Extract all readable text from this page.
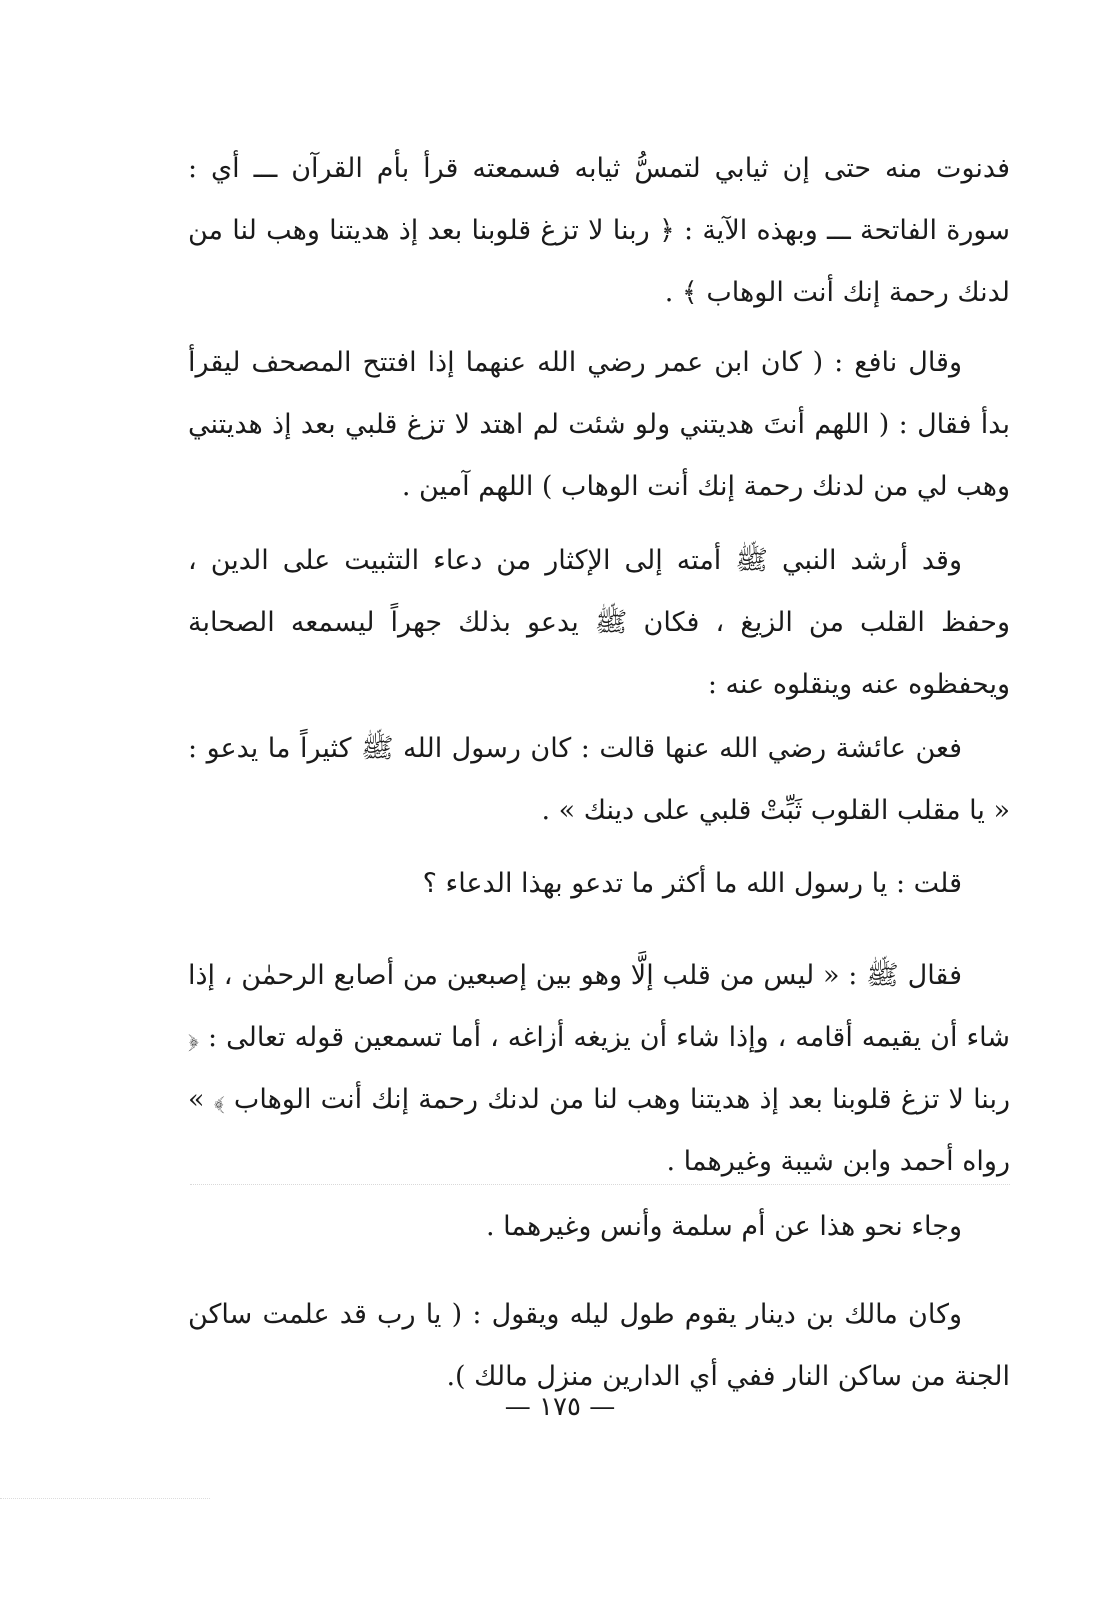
فدنوت منه حتى إن ثيابي لتمسُّ ثيابه فسمعته قرأ بأم القرآن ـــ أي : سورة الفاتحة ـــ وبهذه الآية : ﴿ ربنا لا تزغ قلوبنا بعد إذ هديتنا وهب لنا من لدنك رحمة إنك أنت الوهاب ﴾ .

وقال نافع : ( كان ابن عمر رضي الله عنهما إذا افتتح المصحف ليقرأ بدأ فقال : ( اللهم أنتَ هديتني ولو شئت لم اهتد لا تزغ قلبي بعد إذ هديتني وهب لي من لدنك رحمة إنك أنت الوهاب ) اللهم آمين .

وقد أرشد النبي ﷺ أمته إلى الإكثار من دعاء التثبيت على الدين ، وحفظ القلب من الزيغ ، فكان ﷺ يدعو بذلك جهراً ليسمعه الصحابة ويحفظوه عنه وينقلوه عنه :

فعن عائشة رضي الله عنها قالت : كان رسول الله ﷺ كثيراً ما يدعو : « يا مقلب القلوب ثَبِّتْ قلبي على دينك » .

قلت : يا رسول الله ما أكثر ما تدعو بهذا الدعاء ؟

فقال ﷺ : « ليس من قلب إلَّا وهو بين إصبعين من أصابع الرحمٰن ، إذا شاء أن يقيمه أقامه ، وإذا شاء أن يزيغه أزاغه ، أما تسمعين قوله تعالى : ﴿ ربنا لا تزغ قلوبنا بعد إذ هديتنا وهب لنا من لدنك رحمة إنك أنت الوهاب ﴾ » رواه أحمد وابن شيبة وغيرهما .

وجاء نحو هذا عن أم سلمة وأنس وغيرهما .

وكان مالك بن دينار يقوم طول ليله ويقول : ( يا رب قد علمت ساكن الجنة من ساكن النار ففي أي الدارين منزل مالك ).

— ١٧٥ —
